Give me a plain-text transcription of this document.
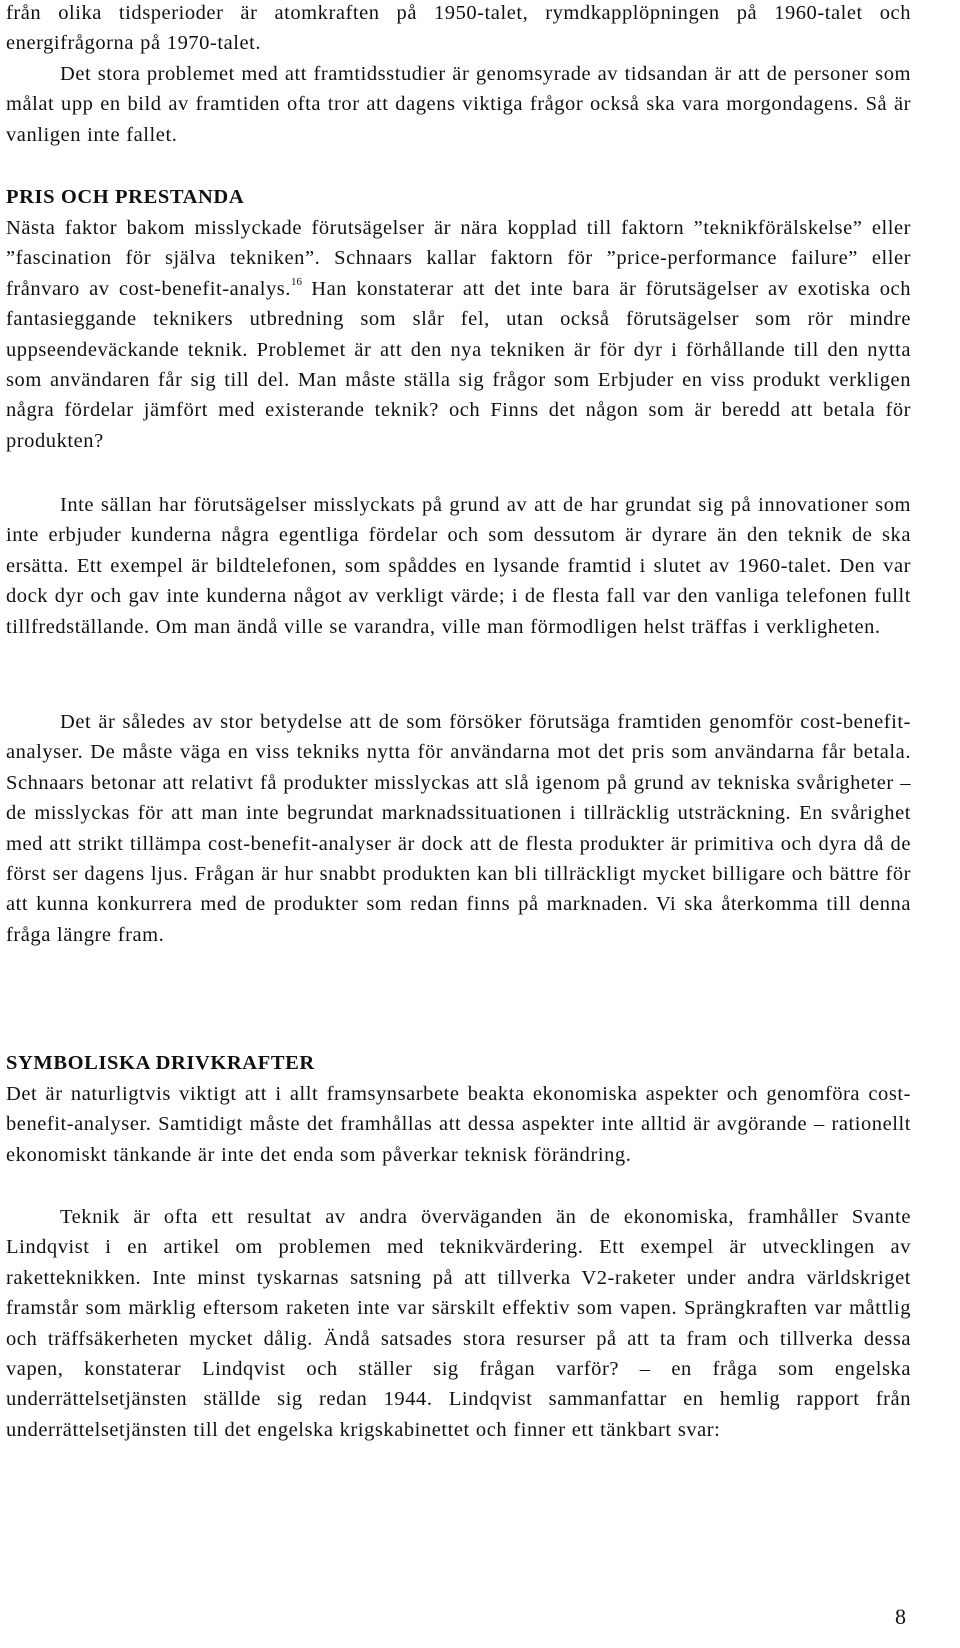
från olika tidsperioder är atomkraften på 1950-talet, rymdkapplöpningen på 1960-talet och energifrågorna på 1970-talet.

Det stora problemet med att framtidsstudier är genomsyrade av tidsandan är att de personer som målat upp en bild av framtiden ofta tror att dagens viktiga frågor också ska vara morgondagens. Så är vanligen inte fallet.

PRIS OCH PRESTANDA

Nästa faktor bakom misslyckade förutsägelser är nära kopplad till faktorn ”teknikförälskelse” eller ”fascination för själva tekniken”. Schnaars kallar faktorn för ”price-performance failure” eller frånvaro av cost-benefit-analys.$^{16}$ Han konstaterar att det inte bara är förutsägelser av exotiska och fantasieggande teknikers utbredning som slår fel, utan också förutsägelser som rör mindre uppseendeväckande teknik. Problemet är att den nya tekniken är för dyr i förhållande till den nytta som användaren får sig till del. Man måste ställa sig frågor som Erbjuder en viss produkt verkligen några fördelar jämfört med existerande teknik? och Finns det någon som är beredd att betala för produkten?

Inte sällan har förutsägelser misslyckats på grund av att de har grundat sig på innovationer som inte erbjuder kunderna några egentliga fördelar och som dessutom är dyrare än den teknik de ska ersätta. Ett exempel är bildtelefonen, som spåddes en lysande framtid i slutet av 1960-talet. Den var dock dyr och gav inte kunderna något av verkligt värde; i de flesta fall var den vanliga telefonen fullt tillfredställande. Om man ändå ville se varandra, ville man förmodligen helst träffas i verkligheten.

Det är således av stor betydelse att de som försöker förutsäga framtiden genomför cost-benefit-analyser. De måste väga en viss tekniks nytta för användarna mot det pris som användarna får betala. Schnaars betonar att relativt få produkter misslyckas att slå igenom på grund av tekniska svårigheter – de misslyckas för att man inte begrundat marknadssituationen i tillräcklig utsträckning. En svårighet med att strikt tillämpa cost-benefit-analyser är dock att de flesta produkter är primitiva och dyra då de först ser dagens ljus. Frågan är hur snabbt produkten kan bli tillräckligt mycket billigare och bättre för att kunna konkurrera med de produkter som redan finns på marknaden. Vi ska återkomma till denna fråga längre fram.

SYMBOLISKA DRIVKRAFTER

Det är naturligtvis viktigt att i allt framsynsarbete beakta ekonomiska aspekter och genomföra cost-benefit-analyser. Samtidigt måste det framhållas att dessa aspekter inte alltid är avgörande – rationellt ekonomiskt tänkande är inte det enda som påverkar teknisk förändring.

Teknik är ofta ett resultat av andra överväganden än de ekonomiska, framhåller Svante Lindqvist i en artikel om problemen med teknikvärdering. Ett exempel är utvecklingen av raketteknikken. Inte minst tyskarnas satsning på att tillverka V2-raketer under andra världskriget framstår som märklig eftersom raketen inte var särskilt effektiv som vapen. Sprängkraften var måttlig och träffsäkerheten mycket dålig. Ändå satsades stora resurser på att ta fram och tillverka dessa vapen, konstaterar Lindqvist och ställer sig frågan varför? – en fråga som engelska underrättelsetjänsten ställde sig redan 1944. Lindqvist sammanfattar en hemlig rapport från underrättelsetjänsten till det engelska krigskabinettet och finner ett tänkbart svar:

8
